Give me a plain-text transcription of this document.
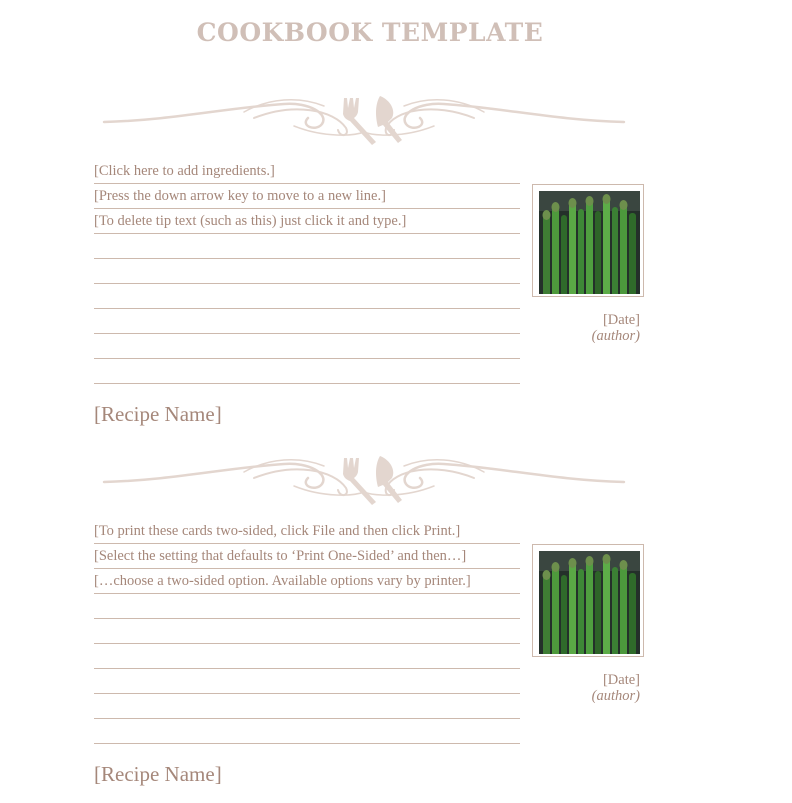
COOKBOOK TEMPLATE
[Click here to add ingredients.]
[Press the down arrow key to move to a new line.]
[To delete tip text (such as this) just click it and type.]
[Date]
(author)
[Recipe Name]
[To print these cards two-sided, click File and then click Print.]
[Select the setting that defaults to ‘Print One-Sided’ and then…]
[…choose a two-sided option. Available options vary by printer.]
[Date]
(author)
[Recipe Name]
